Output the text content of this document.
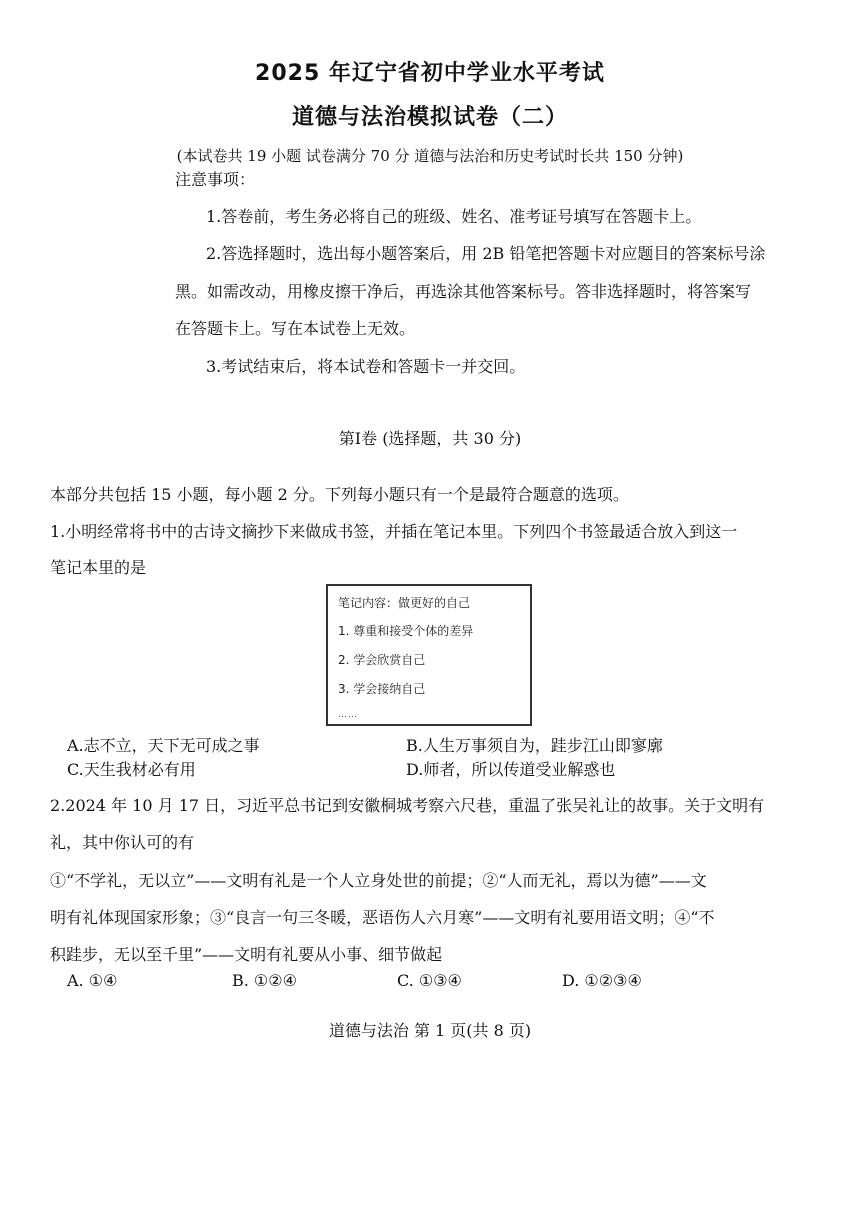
2025 年辽宁省初中学业水平考试
道德与法治模拟试卷（二）
(本试卷共 19 小题 试卷满分 70 分 道德与法治和历史考试时长共 150 分钟)
注意事项：
1.答卷前，考生务必将自己的班级、姓名、准考证号填写在答题卡上。
2.答选择题时，选出每小题答案后，用 2B 铅笔把答题卡对应题目的答案标号涂
黑。如需改动，用橡皮擦干净后，再选涂其他答案标号。答非选择题时，将答案写
在答题卡上。写在本试卷上无效。
3.考试结束后，将本试卷和答题卡一并交回。
第Ⅰ卷 (选择题，共 30 分)
本部分共包括 15 小题，每小题 2 分。下列每小题只有一个是最符合题意的选项。
1.小明经常将书中的古诗文摘抄下来做成书签，并插在笔记本里。下列四个书签最适合放入到这一
笔记本里的是
笔记内容：做更好的自己
1. 尊重和接受个体的差异
2. 学会欣赏自己
3. 学会接纳自己
……
A.志不立，天下无可成之事	B.人生万事须自为，跬步江山即寥廓
C.天生我材必有用	D.师者，所以传道受业解惑也
2.2024 年 10 月 17 日，习近平总书记到安徽桐城考察六尺巷，重温了张吴礼让的故事。关于文明有
礼，其中你认可的有
①“不学礼，无以立”——文明有礼是一个人立身处世的前提；②“人而无礼，焉以为德”——文
明有礼体现国家形象；③“良言一句三冬暖，恶语伤人六月寒”——文明有礼要用语文明；④“不
积跬步，无以至千里”——文明有礼要从小事、细节做起
A. ①④	B. ①②④	C. ①③④	D. ①②③④
道德与法治 第 1 页(共 8 页)
